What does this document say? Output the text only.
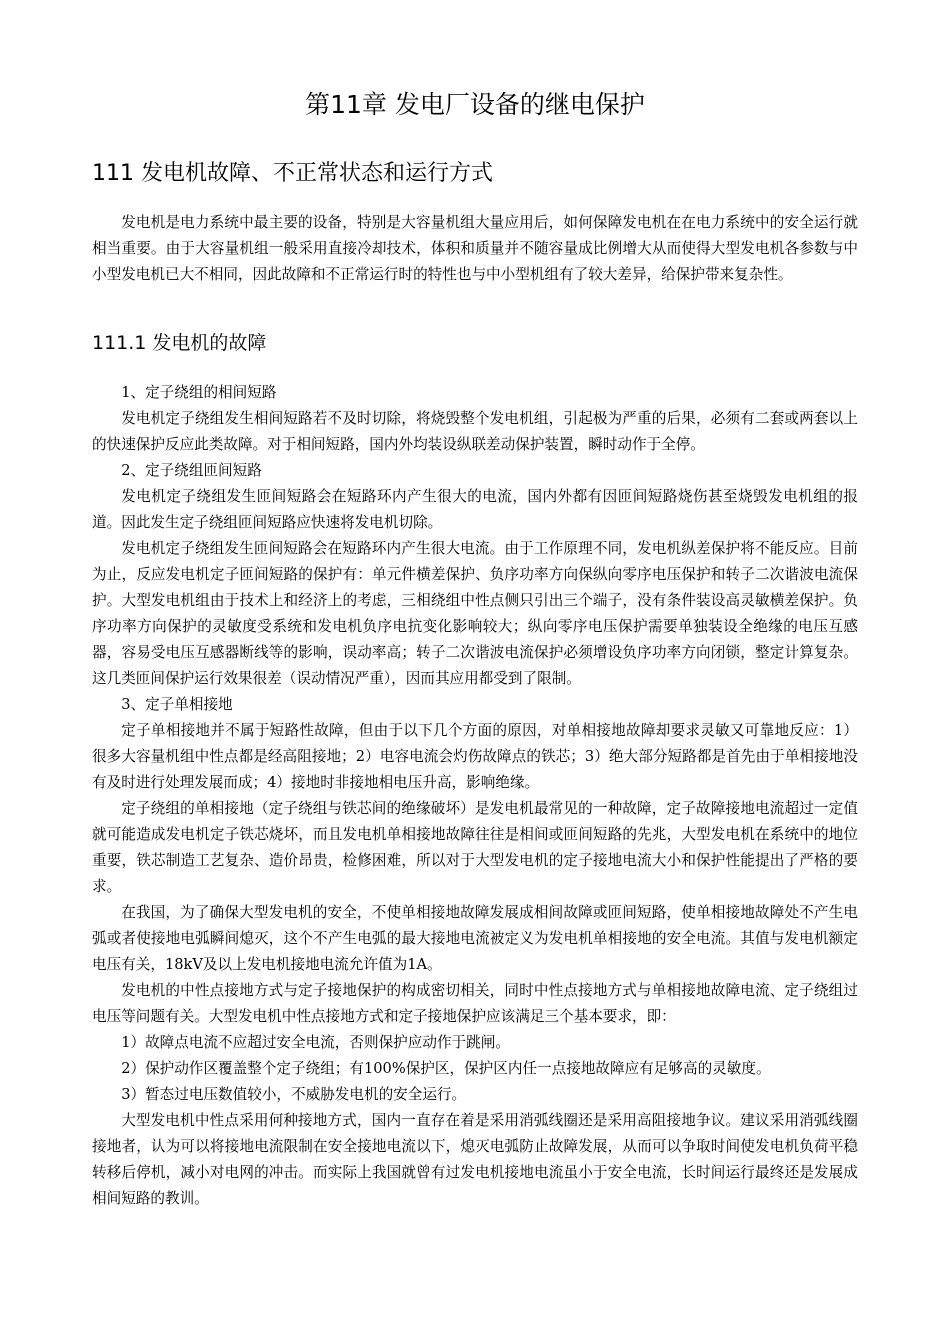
第11章 发电厂设备的继电保护
111 发电机故障、不正常状态和运行方式

发电机是电力系统中最主要的设备，特别是大容量机组大量应用后，如何保障发电机在在电力系统中的安全运行就相当重要。由于大容量机组一般采用直接冷却技术，体积和质量并不随容量成比例增大从而使得大型发电机各参数与中小型发电机已大不相同，因此故障和不正常运行时的特性也与中小型机组有了较大差异，给保护带来复杂性。

111.1 发电机的故障

1、定子绕组的相间短路

发电机定子绕组发生相间短路若不及时切除，将烧毁整个发电机组，引起极为严重的后果，必须有二套或两套以上的快速保护反应此类故障。对于相间短路，国内外均装设纵联差动保护装置，瞬时动作于全停。

2、定子绕组匝间短路

发电机定子绕组发生匝间短路会在短路环内产生很大的电流，国内外都有因匝间短路烧伤甚至烧毁发电机组的报道。因此发生定子绕组匝间短路应快速将发电机切除。

发电机定子绕组发生匝间短路会在短路环内产生很大电流。由于工作原理不同，发电机纵差保护将不能反应。目前为止，反应发电机定子匝间短路的保护有：单元件横差保护、负序功率方向保纵向零序电压保护和转子二次谐波电流保护。大型发电机组由于技术上和经济上的考虑，三相绕组中性点侧只引出三个端子，没有条件装设高灵敏横差保护。负序功率方向保护的灵敏度受系统和发电机负序电抗变化影响较大；纵向零序电压保护需要单独装设全绝缘的电压互感器，容易受电压互感器断线等的影响，误动率高；转子二次谐波电流保护必须增设负序功率方向闭锁，整定计算复杂。这几类匝间保护运行效果很差（误动情况严重），因而其应用都受到了限制。

3、定子单相接地

定子单相接地并不属于短路性故障，但由于以下几个方面的原因，对单相接地故障却要求灵敏又可靠地反应：1）很多大容量机组中性点都是经高阻接地；2）电容电流会灼伤故障点的铁芯；3）绝大部分短路都是首先由于单相接地没有及时进行处理发展而成；4）接地时非接地相电压升高，影响绝缘。

定子绕组的单相接地（定子绕组与铁芯间的绝缘破坏）是发电机最常见的一种故障，定子故障接地电流超过一定值就可能造成发电机定子铁芯烧坏，而且发电机单相接地故障往往是相间或匝间短路的先兆，大型发电机在系统中的地位重要，铁芯制造工艺复杂、造价昂贵，检修困难，所以对于大型发电机的定子接地电流大小和保护性能提出了严格的要求。

在我国，为了确保大型发电机的安全，不使单相接地故障发展成相间故障或匝间短路，使单相接地故障处不产生电弧或者使接地电弧瞬间熄灭，这个不产生电弧的最大接地电流被定义为发电机单相接地的安全电流。其值与发电机额定电压有关，18kV及以上发电机接地电流允许值为1A。

发电机的中性点接地方式与定子接地保护的构成密切相关，同时中性点接地方式与单相接地故障电流、定子绕组过电压等问题有关。大型发电机中性点接地方式和定子接地保护应该满足三个基本要求，即：

1）故障点电流不应超过安全电流，否则保护应动作于跳闸。

2）保护动作区覆盖整个定子绕组；有100%保护区，保护区内任一点接地故障应有足够高的灵敏度。

3）暂态过电压数值较小，不威胁发电机的安全运行。

大型发电机中性点采用何种接地方式，国内一直存在着是采用消弧线圈还是采用高阻接地争议。建议采用消弧线圈接地者，认为可以将接地电流限制在安全接地电流以下，熄灭电弧防止故障发展，从而可以争取时间使发电机负荷平稳转移后停机，减小对电网的冲击。而实际上我国就曾有过发电机接地电流虽小于安全电流，长时间运行最终还是发展成相间短路的教训。
